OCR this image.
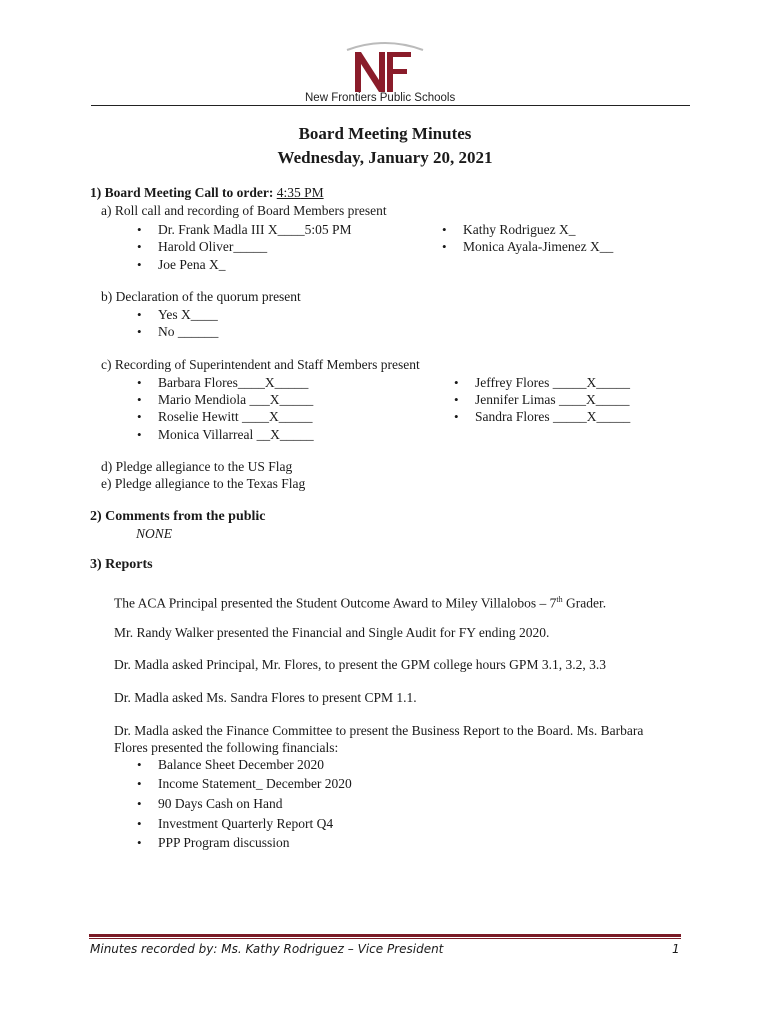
New Frontiers Public Schools
Board Meeting Minutes
Wednesday, January 20, 2021
1) Board Meeting Call to order: 4:35 PM
a) Roll call and recording of Board Members present
• Dr. Frank Madla III X____5:05 PM
• Harold Oliver_____
• Joe Pena X_
• Kathy Rodriguez X_
• Monica Ayala-Jimenez X__
b) Declaration of the quorum present
• Yes X____
• No ______
c) Recording of Superintendent and Staff Members present
• Barbara Flores____X_____
• Mario Mendiola ___X_____
• Roselie Hewitt ____X_____
• Monica Villarreal __X_____
• Jeffrey Flores _____X_____
• Jennifer Limas ____X_____
• Sandra Flores _____X_____
d) Pledge allegiance to the US Flag
e) Pledge allegiance to the Texas Flag
2) Comments from the public
NONE
3) Reports
The ACA Principal presented the Student Outcome Award to Miley Villalobos – 7th Grader.
Mr. Randy Walker presented the Financial and Single Audit for FY ending 2020.
Dr. Madla asked Principal, Mr. Flores, to present the GPM college hours GPM 3.1, 3.2, 3.3
Dr. Madla asked Ms. Sandra Flores to present CPM 1.1.
Dr. Madla asked the Finance Committee to present the Business Report to the Board. Ms. Barbara
Flores presented the following financials:
• Balance Sheet December 2020
• Income Statement_ December 2020
• 90 Days Cash on Hand
• Investment Quarterly Report Q4
• PPP Program discussion
Minutes recorded by: Ms. Kathy Rodriguez – Vice President	1
